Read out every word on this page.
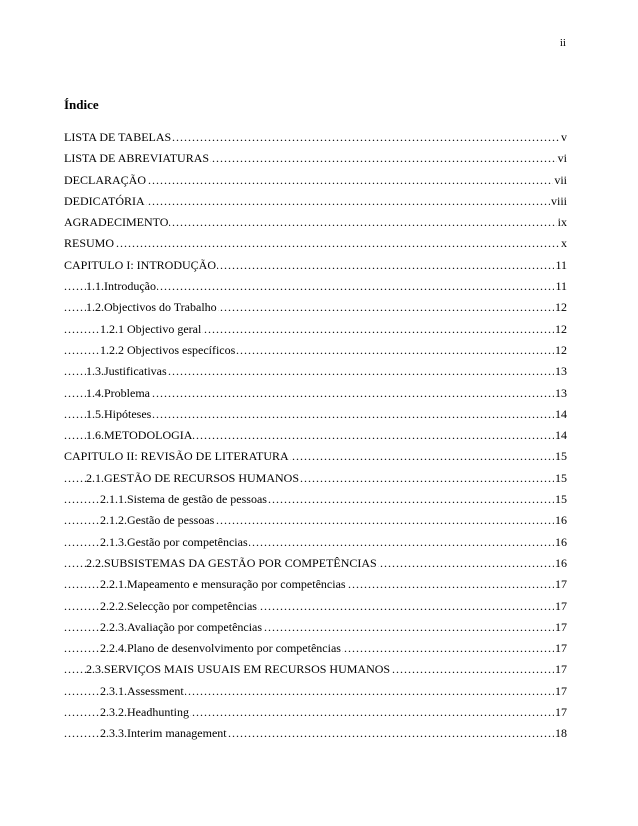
ii
Índice
.....
LISTA DE TABELAS	v
.....
LISTA DE ABREVIATURAS	vi
.....
DECLARAÇÃO	vii
.....
DEDICATÓRIA	viii
.....
AGRADECIMENTO	ix
.....
RESUMO	x
.....
CAPITULO I: INTRODUÇÃO	11
.....
1.1.Introdução	11
.....
1.2.Objectivos do Trabalho	12
.....
1.2.1 Objectivo geral	12
.....
1.2.2 Objectivos específicos	12
.....
1.3.Justificativas	13
.....
1.4.Problema	13
.....
1.5.Hipóteses	14
.....
1.6.METODOLOGIA	14
.....
CAPITULO II: REVISÃO DE LITERATURA	15
.....
2.1.GESTÃO DE RECURSOS HUMANOS	15
.....
2.1.1.Sistema de gestão de pessoas	15
.....
2.1.2.Gestão de pessoas	16
.....
2.1.3.Gestão por competências	16
.....
2.2.SUBSISTEMAS DA GESTÃO POR COMPETÊNCIAS	16
.....
2.2.1.Mapeamento e mensuração por competências	17
.....
2.2.2.Selecção por competências	17
.....
2.2.3.Avaliação por competências	17
.....
2.2.4.Plano de desenvolvimento por competências	17
.....
2.3.SERVIÇOS MAIS USUAIS EM RECURSOS HUMANOS	17
.....
2.3.1.Assessment	17
.....
2.3.2.Headhunting	17
.....
2.3.3.Interim management	18
